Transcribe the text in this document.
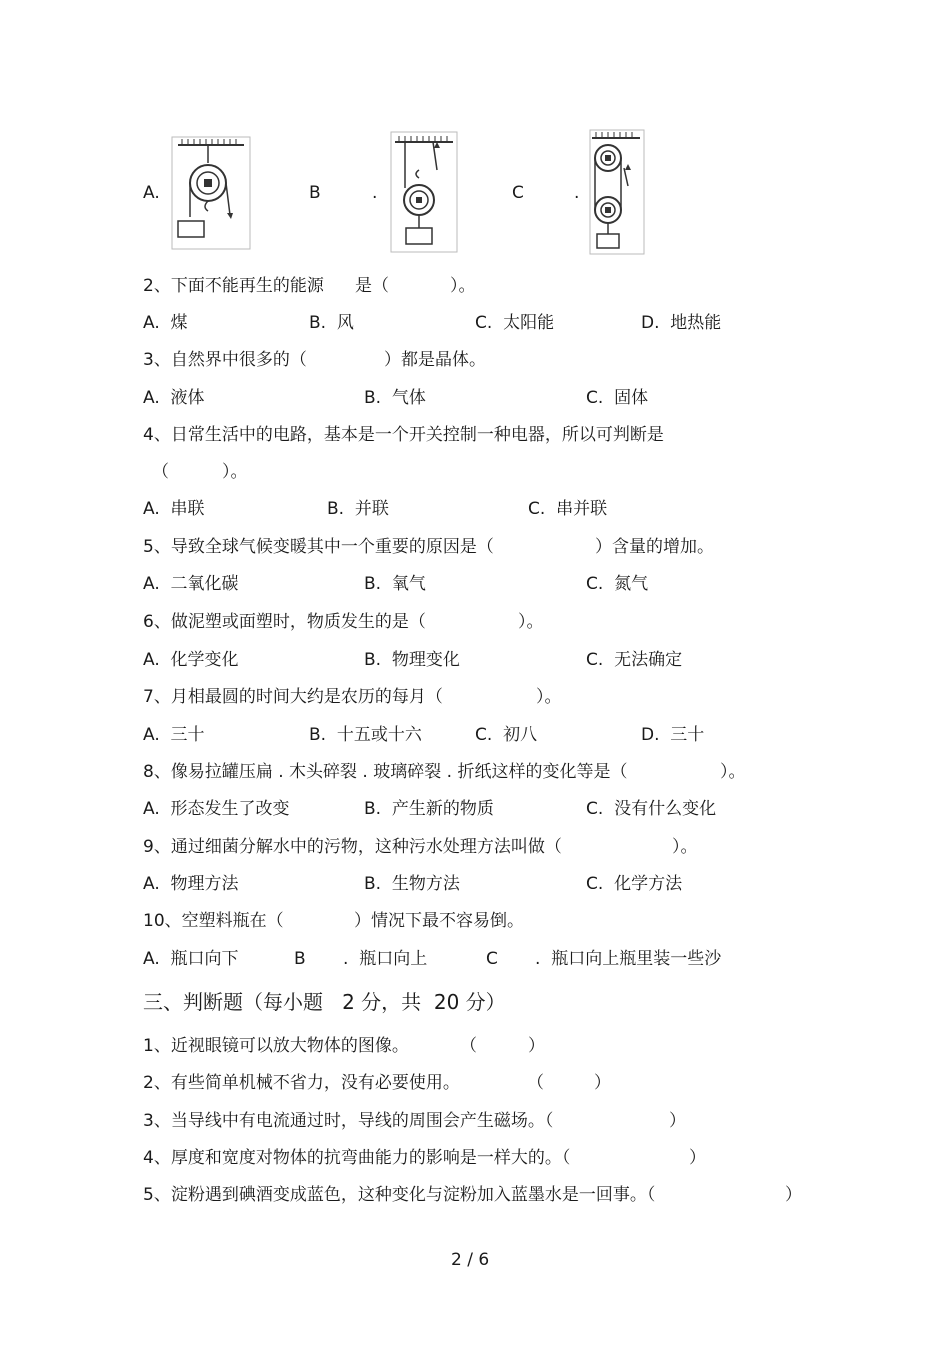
A.	B	.	C	.
2、下面不能再生的能源 是（	）。
A.  煤	B.  风	C.  太阳能	D.  地热能
3、自然界中很多的（	）都是晶体。
A.  液体	B.  气体	C.  固体
4、日常生活中的电路，基本是一个开关控制一种电器，所以可判断是
（	）。
A.  串联	B.  并联	C.  串并联
5、导致全球气候变暖其中一个重要的原因是（	）含量的增加。
A.  二氧化碳	B.  氧气	C.  氮气
6、做泥塑或面塑时，物质发生的是（	）。
A.  化学变化	B.  物理变化	C.  无法确定
7、月相最圆的时间大约是农历的每月（	）。
A.  三十	B.  十五或十六	C.  初八	D.  三十
8、像易拉罐压扁 . 木头碎裂 . 玻璃碎裂 . 折纸这样的变化等是（	）。
A.  形态发生了改变	B.  产生新的物质	C.  没有什么变化
9、通过细菌分解水中的污物，这种污水处理方法叫做（	）。
A.  物理方法	B.  生物方法	C.  化学方法
10、空塑料瓶在（	）情况下最不容易倒。
A.  瓶口向下	B .  瓶口向上	C .  瓶口向上瓶里装一些沙
三、判断题（每小题   2 分，共  20 分）
1、近视眼镜可以放大物体的图像。	（	）
2、有些简单机械不省力，没有必要使用。	（	）
3、当导线中有电流通过时，导线的周围会产生磁场。（	）
4、厚度和宽度对物体的抗弯曲能力的影响是一样大的。（	）
5、淀粉遇到碘酒变成蓝色，这种变化与淀粉加入蓝墨水是一回事。（	）
2 / 6
